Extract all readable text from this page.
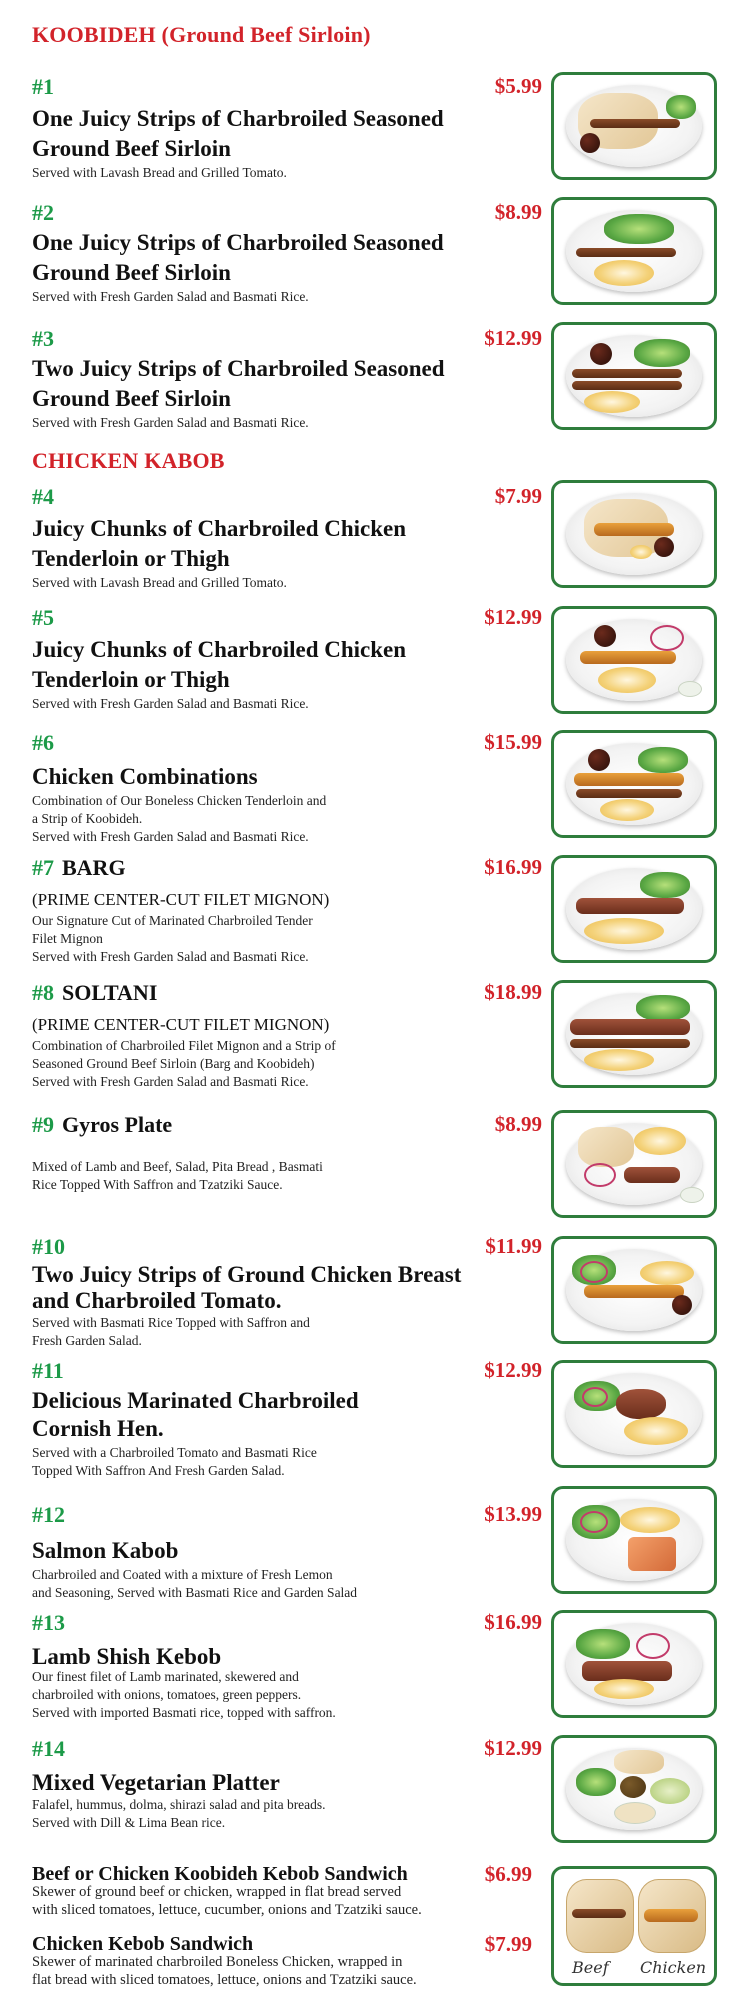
KOOBIDEH (Ground Beef Sirloin)
CHICKEN KABOB
#1	$5.99
One Juicy Strips of Charbroiled Seasoned
Ground Beef Sirloin
Served with Lavash Bread and Grilled Tomato.
#2	$8.99
One Juicy Strips of Charbroiled Seasoned
Ground Beef Sirloin
Served with Fresh Garden Salad and Basmati Rice.
#3	$12.99
Two Juicy Strips of Charbroiled Seasoned
Ground Beef Sirloin
Served with Fresh Garden Salad and Basmati Rice.
#4	$7.99
Juicy Chunks of Charbroiled Chicken
Tenderloin or Thigh
Served with Lavash Bread and Grilled Tomato.
#5	$12.99
Juicy Chunks of Charbroiled Chicken
Tenderloin or Thigh
Served with Fresh Garden Salad and Basmati Rice.
#6	$15.99
Chicken Combinations
Combination of Our Boneless Chicken Tenderloin and
a Strip of Koobideh.
Served with Fresh Garden Salad and Basmati Rice.
#7 BARG	$16.99
(PRIME CENTER-CUT FILET MIGNON)
Our Signature Cut of Marinated Charbroiled Tender
Filet Mignon
Served with Fresh Garden Salad and Basmati Rice.
#8 SOLTANI	$18.99
(PRIME CENTER-CUT FILET MIGNON)
Combination of Charbroiled Filet Mignon and a Strip of
Seasoned Ground Beef Sirloin (Barg and Koobideh)
Served with Fresh Garden Salad and Basmati Rice.
#9 Gyros Plate	$8.99
Mixed of Lamb and Beef, Salad, Pita Bread , Basmati
Rice Topped With Saffron and Tzatziki Sauce.
#10	$11.99
Two Juicy Strips of Ground Chicken Breast
and Charbroiled Tomato.
Served with Basmati Rice Topped with Saffron and
Fresh Garden Salad.
#11	$12.99
Delicious Marinated Charbroiled
Cornish Hen.
Served with a Charbroiled Tomato and Basmati Rice
Topped With Saffron And Fresh Garden Salad.
#12	$13.99
Salmon Kabob
Charbroiled and Coated with a mixture of Fresh Lemon
and Seasoning, Served with Basmati Rice and Garden Salad
#13	$16.99
Lamb Shish Kebob
Our finest filet of Lamb marinated, skewered and
charbroiled with onions, tomatoes, green peppers.
Served with imported Basmati rice, topped with saffron.
#14	$12.99
Mixed Vegetarian Platter
Falafel, hummus, dolma, shirazi salad and pita breads.
Served with Dill & Lima Bean rice.
Beef or Chicken Koobideh Kebob Sandwich	$6.99
Skewer of ground beef or chicken, wrapped in flat bread served
with sliced tomatoes, lettuce, cucumber, onions and Tzatziki sauce.
Chicken Kebob Sandwich	$7.99
Skewer of marinated charbroiled Boneless Chicken, wrapped in
flat bread with sliced tomatoes, lettuce, onions and Tzatziki sauce.
Beef Chicken
